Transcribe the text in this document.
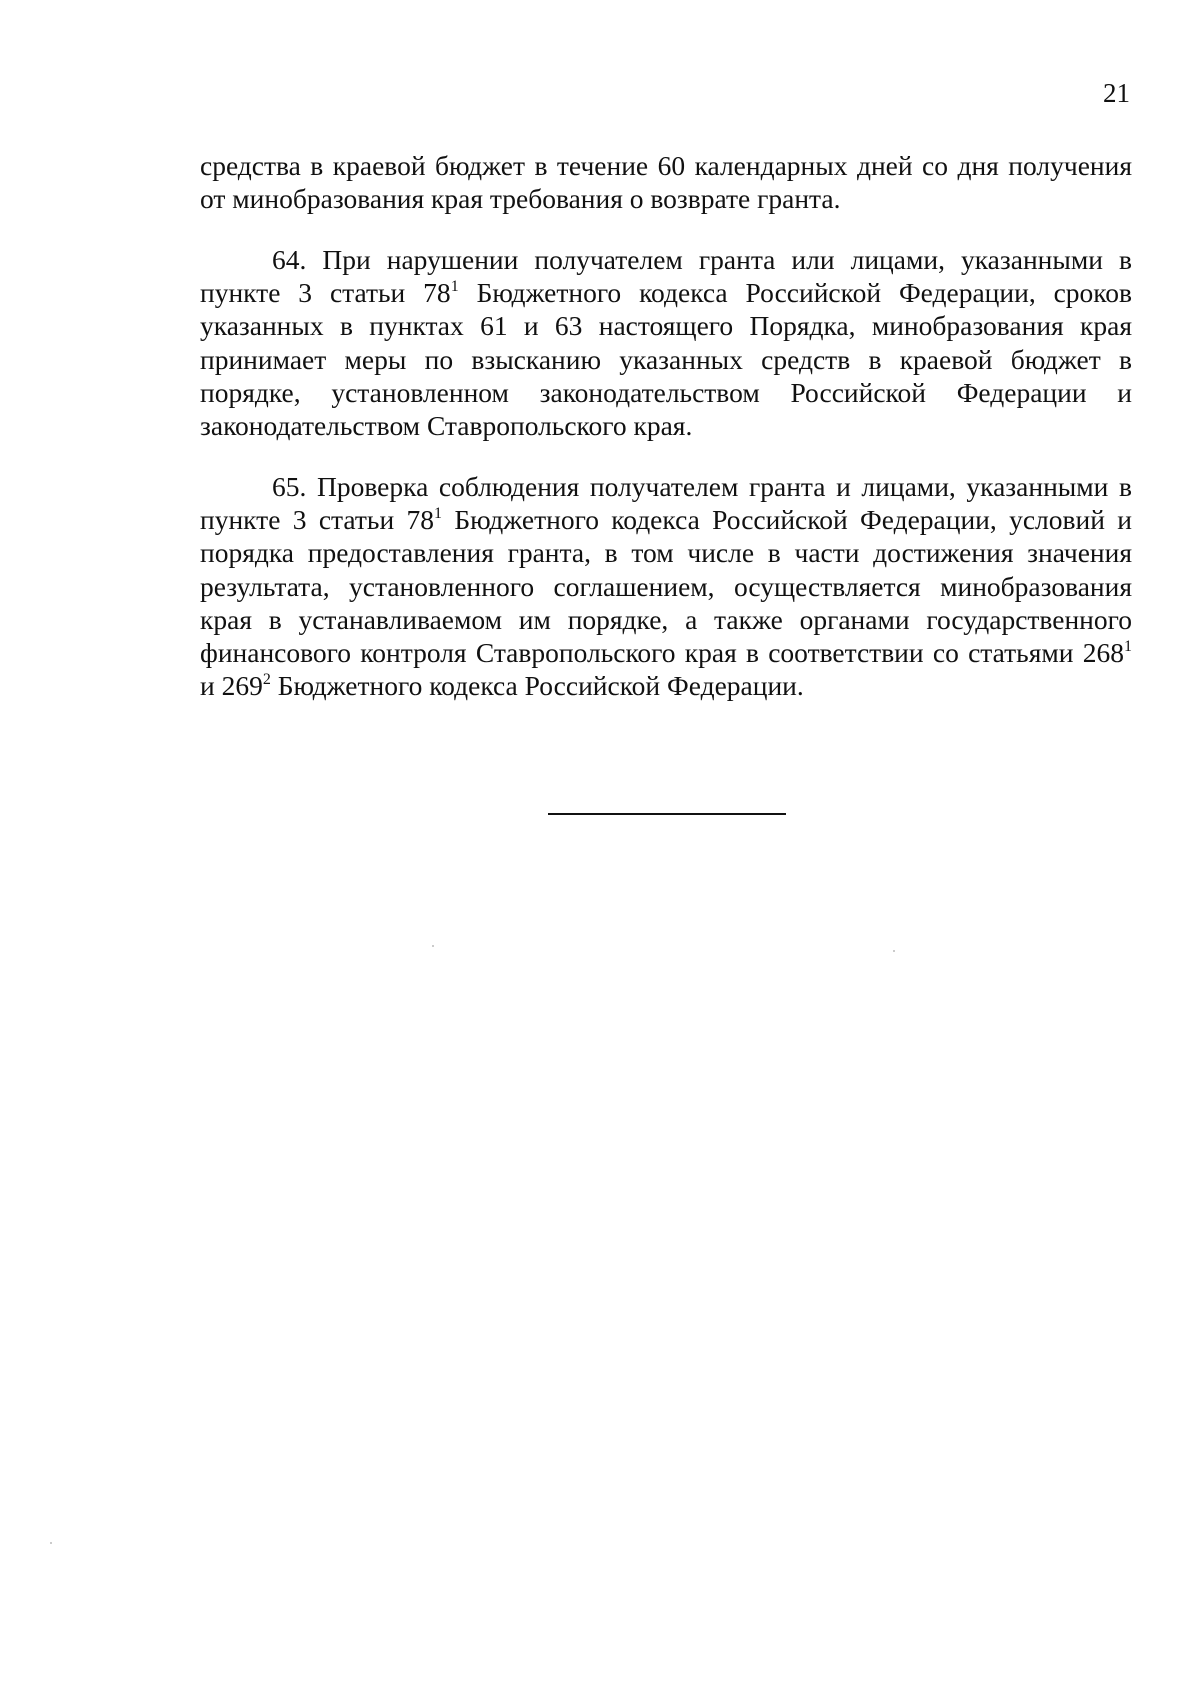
21

средства в краевой бюджет в течение 60 календарных дней со дня получения от минобразования края требования о возврате гранта.

64. При нарушении получателем гранта или лицами, указанными в пункте 3 статьи $78^1$ Бюджетного кодекса Российской Федерации, сроков указанных в пунктах 61 и 63 настоящего Порядка, минобразования края принимает меры по взысканию указанных средств в краевой бюджет в порядке, установленном законодательством Российской Федерации и законодательством Ставропольского края.

65. Проверка соблюдения получателем гранта и лицами, указанными в пункте 3 статьи $78^1$ Бюджетного кодекса Российской Федерации, условий и порядка предоставления гранта, в том числе в части достижения значения результата, установленного соглашением, осуществляется минобразования края в устанавливаемом им порядке, а также органами государственного финансового контроля Ставропольского края в соответствии со статьями $268^1$ и $269^2$ Бюджетного кодекса Российской Федерации.
